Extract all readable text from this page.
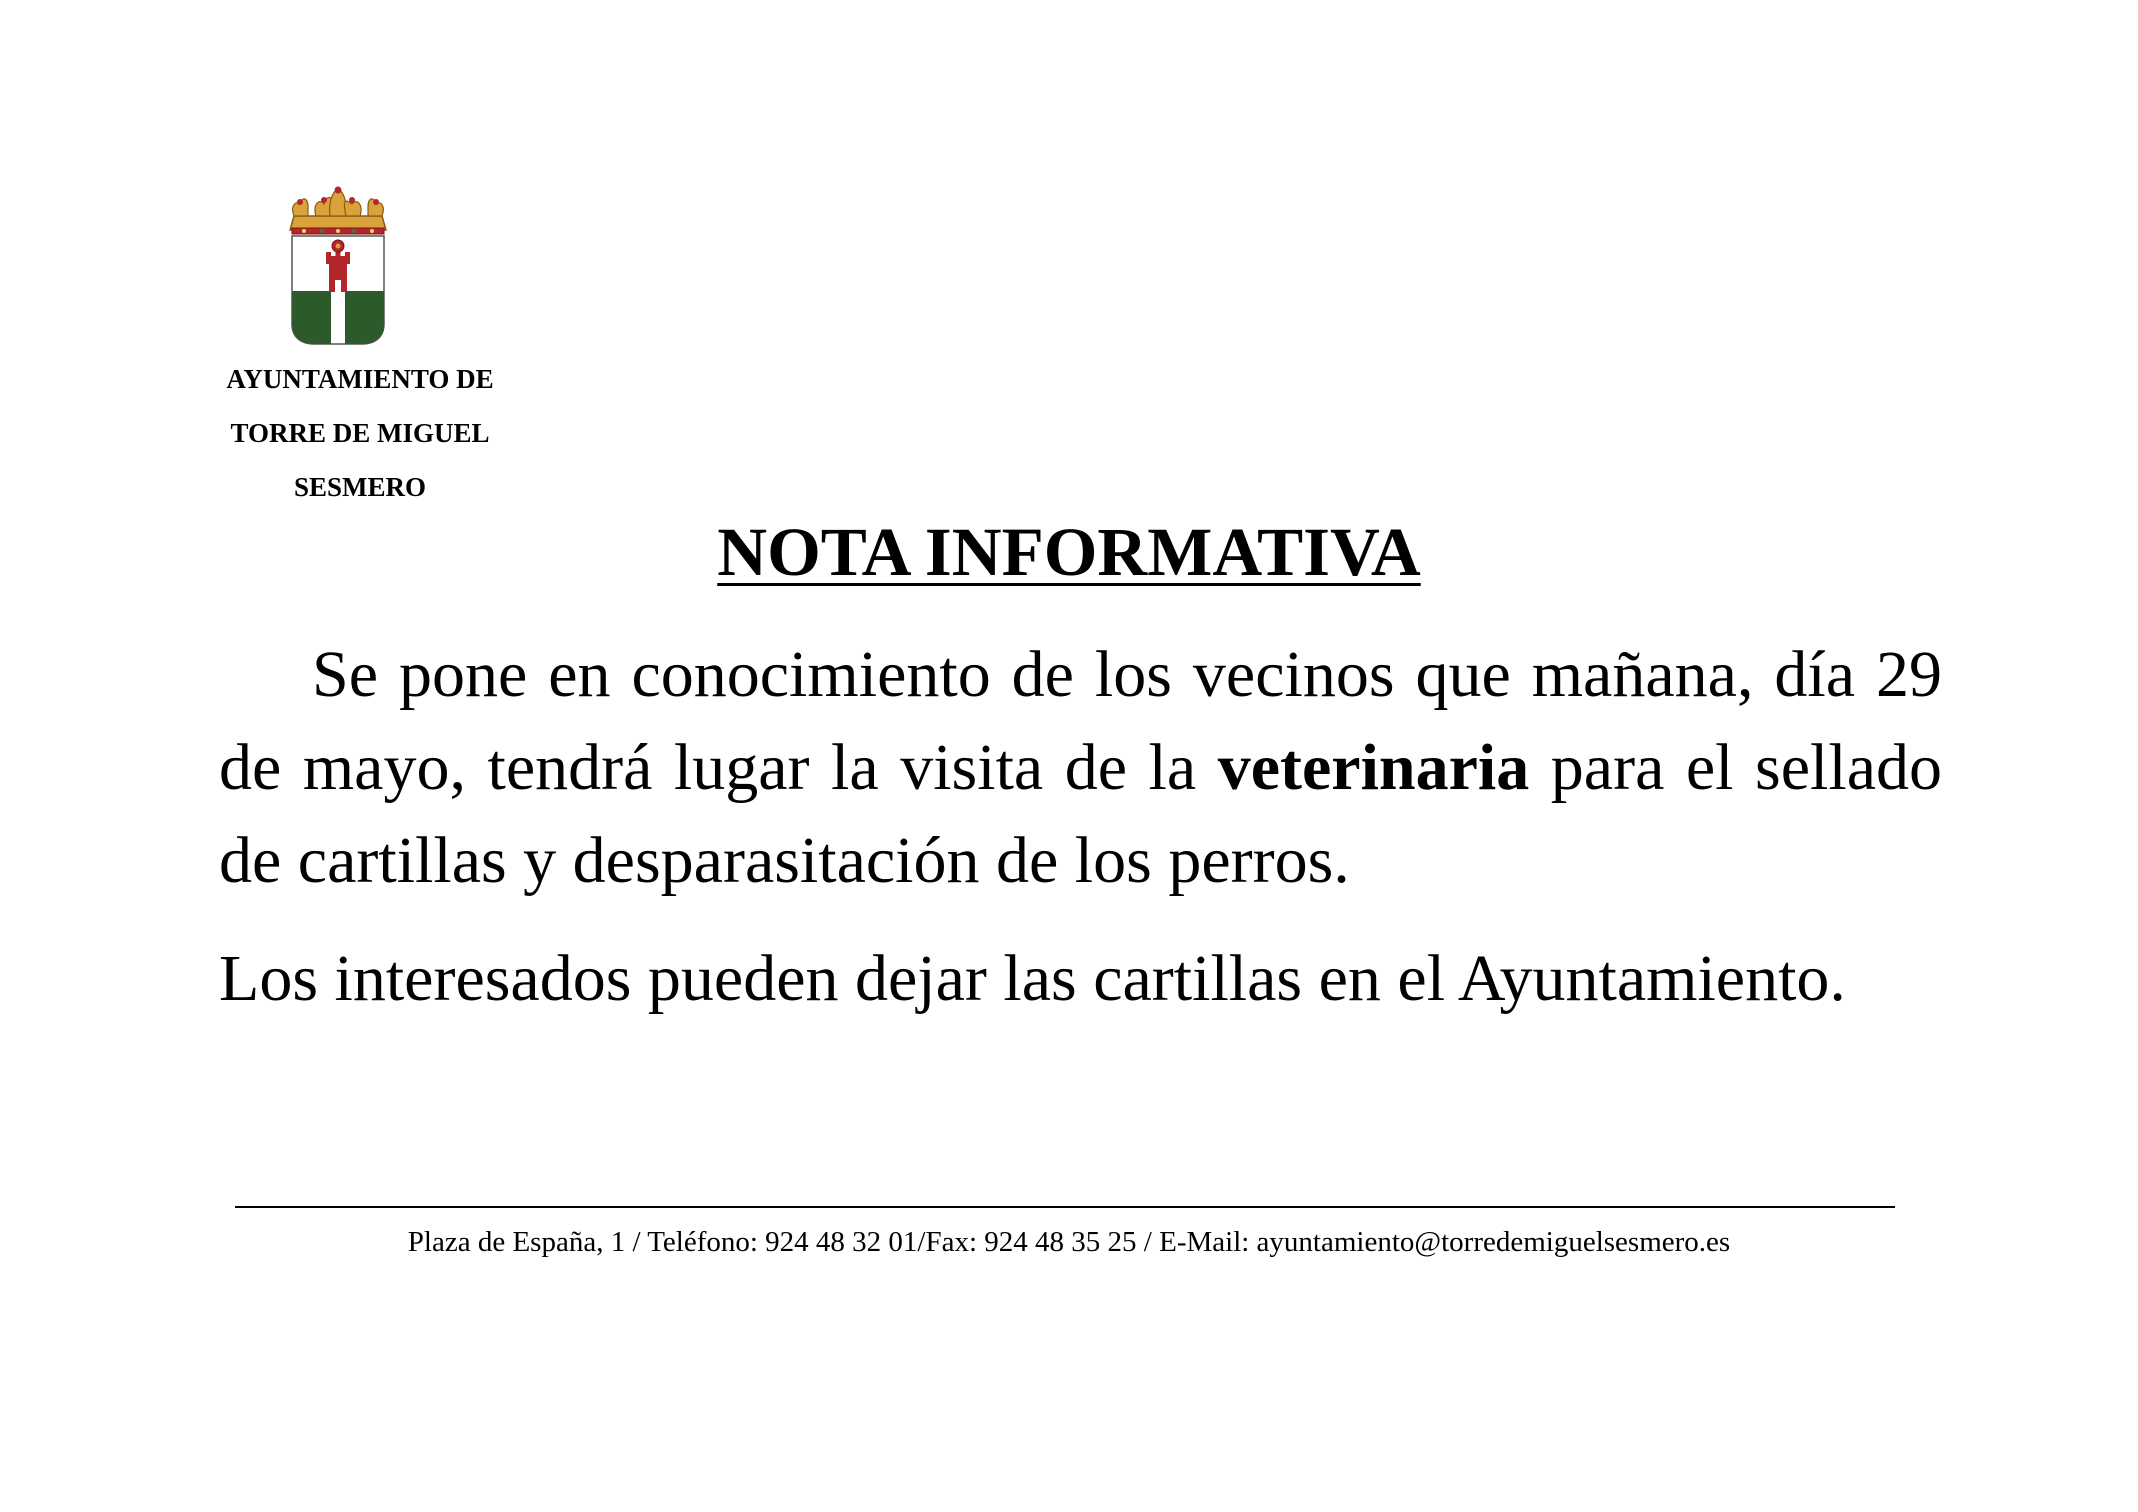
AYUNTAMIENTO DE
TORRE DE MIGUEL
SESMERO
NOTA INFORMATIVA

Se pone en conocimiento de los vecinos que mañana, día 29 de mayo, tendrá lugar la visita de la veterinaria para el sellado de cartillas y desparasitación de los perros.

Los interesados pueden dejar las cartillas en el Ayuntamiento.

Plaza de España, 1 / Teléfono: 924 48 32 01/Fax: 924 48 35 25 / E-Mail: ayuntamiento@torredemiguelsesmero.es
